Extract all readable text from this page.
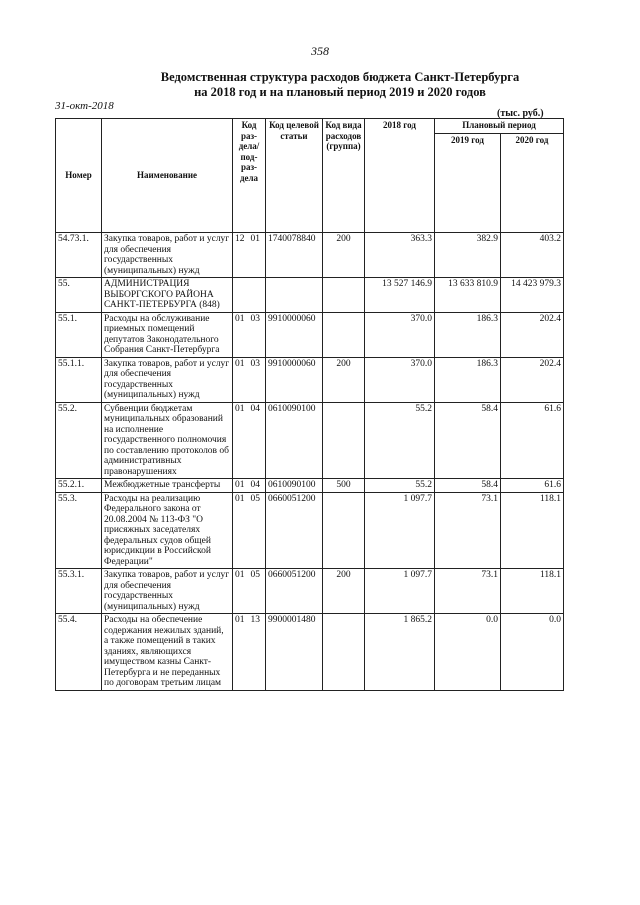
358
Ведомственная структура расходов бюджета Санкт-Петербурга
на 2018 год и на плановый период 2019 и 2020 годов
31-окт-2018
(тыс. руб.)
Номер	Наименование	Код раз- дела/ под- раз- дела	Код целевой статьи	Код вида расходов (группа)	2018 год	Плановый период	
						2019 год	2020 год
54.73.1.	Закупка товаров, работ и услуг для обеспечения государственных (муниципальных) нужд	12 01	1740078840	200	363.3	382.9	403.2
55.	АДМИНИСТРАЦИЯ ВЫБОРГСКОГО РАЙОНА САНКТ-ПЕТЕРБУРГА (848)				13 527 146.9	13 633 810.9	14 423 979.3
55.1.	Расходы на обслуживание приемных помещений депутатов Законодательного Собрания Санкт-Петербурга	01 03	9910000060		370.0	186.3	202.4
55.1.1.	Закупка товаров, работ и услуг для обеспечения государственных (муниципальных) нужд	01 03	9910000060	200	370.0	186.3	202.4
55.2.	Субвенции бюджетам муниципальных образований на исполнение государственного полномочия по составлению протоколов об административных правонарушениях	01 04	0610090100		55.2	58.4	61.6
55.2.1.	Межбюджетные трансферты	01 04	0610090100	500	55.2	58.4	61.6
55.3.	Расходы на реализацию Федерального закона от 20.08.2004 № 113-ФЗ "О присяжных заседателях федеральных судов общей юрисдикции в Российской Федерации"	01 05	0660051200		1 097.7	73.1	118.1
55.3.1.	Закупка товаров, работ и услуг для обеспечения государственных (муниципальных) нужд	01 05	0660051200	200	1 097.7	73.1	118.1
55.4.	Расходы на обеспечение содержания нежилых зданий, а также помещений в таких зданиях, являющихся имуществом казны Санкт-Петербурга и не переданных по договорам третьим лицам	01 13	9900001480		1 865.2	0.0	0.0
